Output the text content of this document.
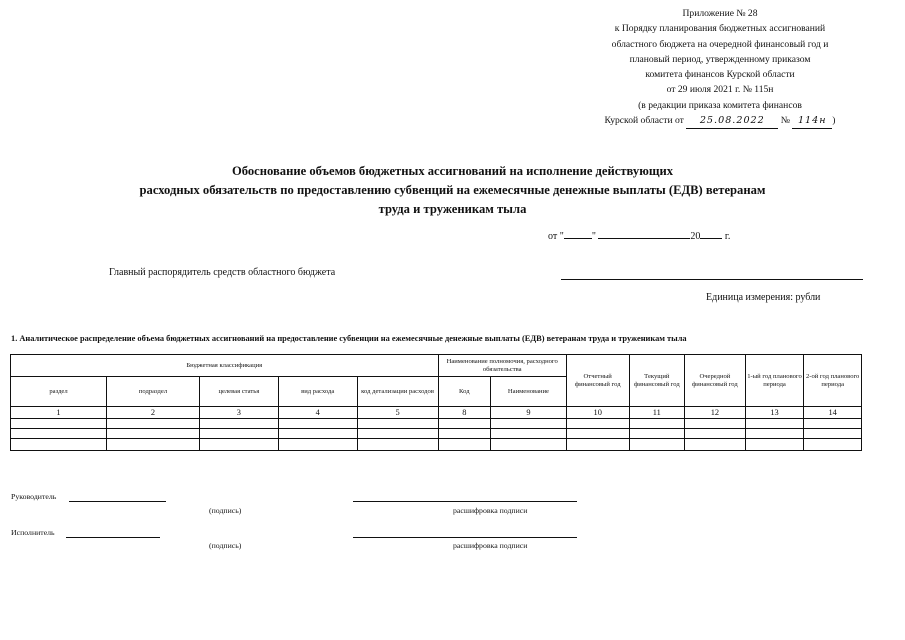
Приложение № 28
к Порядку планирования бюджетных ассигнований
областного бюджета на очередной финансовый год и
плановый период, утвержденному приказом
комитета финансов Курской области
от 29 июля 2021 г. № 115н
(в редакции приказа комитета финансов
Курской области от 25.08.2022 № 114н )
Обоснование объемов бюджетных ассигнований на исполнение действующих
расходных обязательств по предоставлению субвенций на ежемесячные денежные выплаты (ЕДВ) ветеранам
труда и труженикам тыла
от "	"	20 г.
Главный распорядитель средств областного бюджета
Единица измерения: рубли
1. Аналитическое распределение объема бюджетных ассигнований на предоставление субвенции на ежемесячные денежные выплаты (ЕДВ) ветеранам труда и труженикам тыла
Бюджетная классификация					Наименование полномочия, расходного обязательства		Отчетный финансовый год	Текущий финансовый год	Очередной финансовый год	1-ый год планового периода	2-ой год планового периода
раздел	подраздел	целевая статья	вид расхода	код детализации расходов	Код	Наименование					
1	2	3	4	5	8	9	10	11	12	13	14

Руководитель
(подпись)	расшифровка подписи
Исполнитель
(подпись)	расшифровка подписи
